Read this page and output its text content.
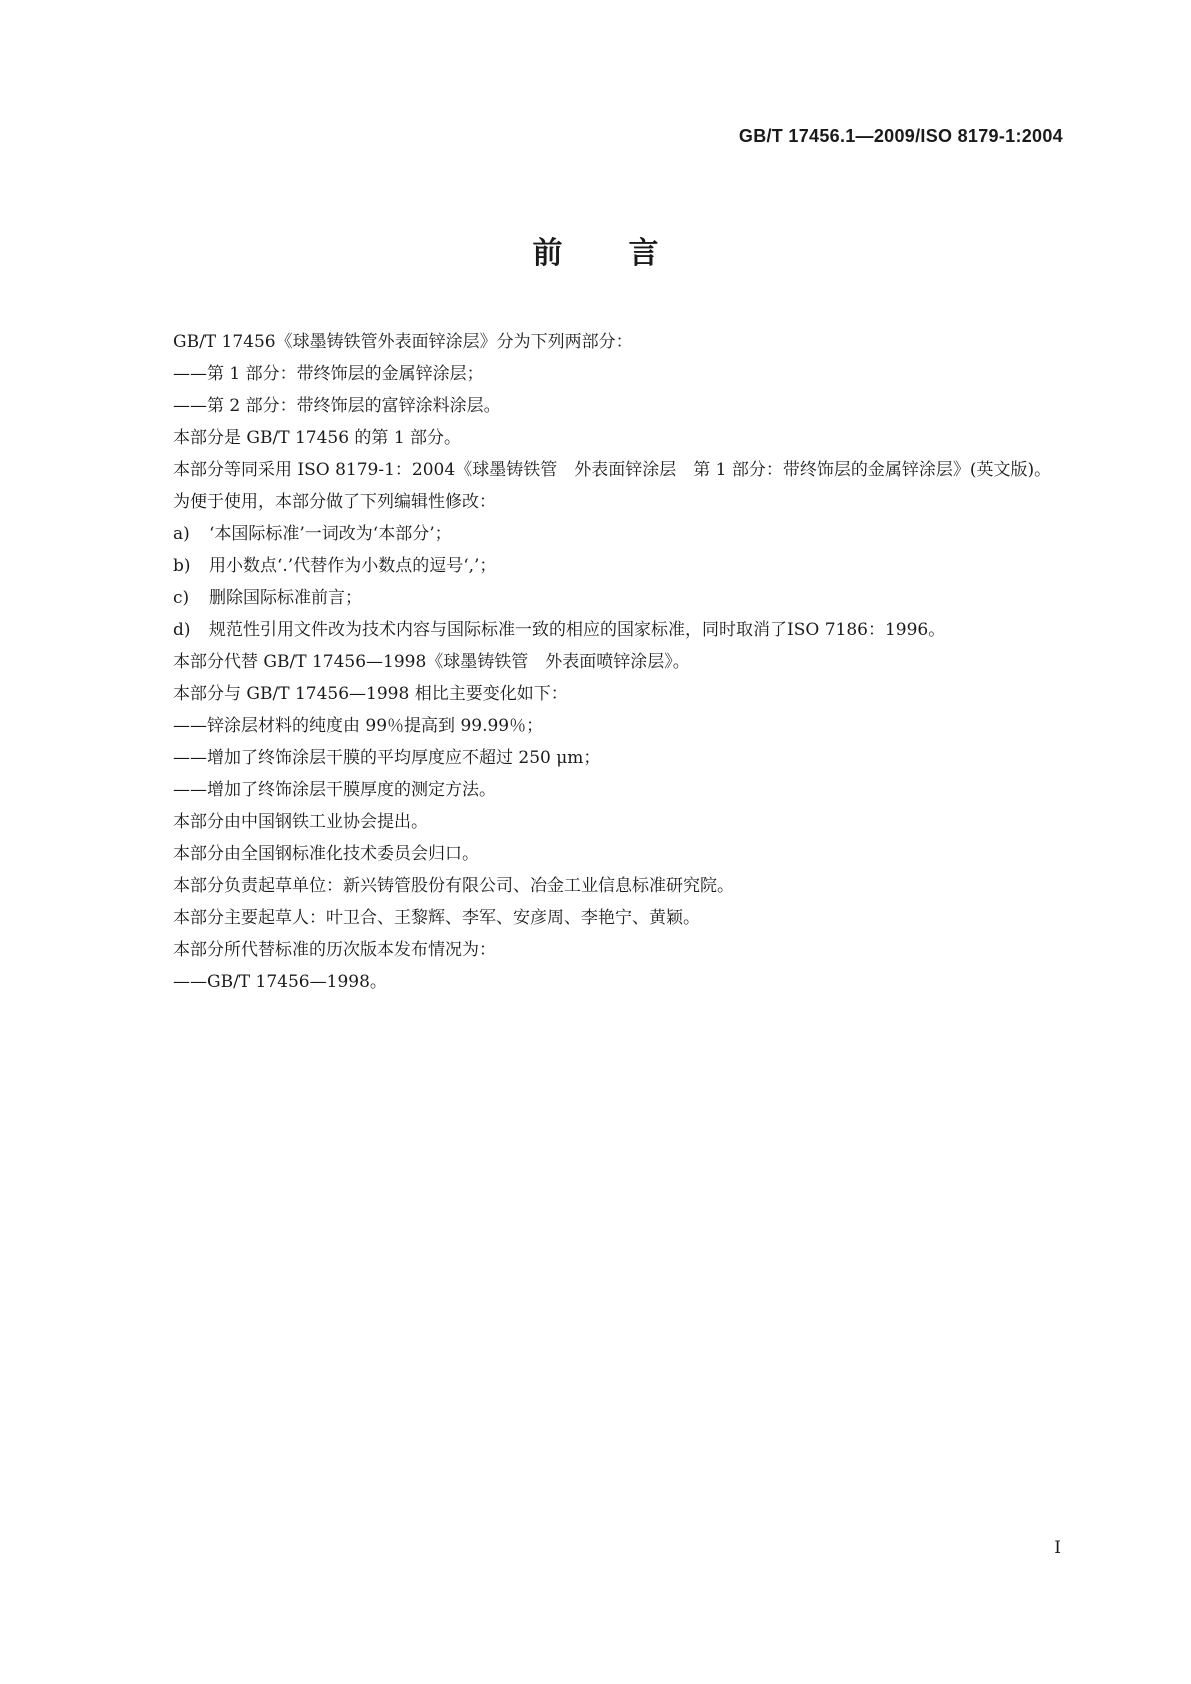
GB/T 17456.1—2009/ISO 8179-1:2004
前言

GB/T 17456《球墨铸铁管外表面锌涂层》分为下列两部分：

——第 1 部分：带终饰层的金属锌涂层；

——第 2 部分：带终饰层的富锌涂料涂层。

本部分是 GB/T 17456 的第 1 部分。

本部分等同采用 ISO 8179-1：2004《球墨铸铁管　外表面锌涂层　第 1 部分：带终饰层的金属锌涂层》(英文版)。

为便于使用，本部分做了下列编辑性修改：

a) ‘本国际标准’一词改为‘本部分’；

b) 用小数点‘.’代替作为小数点的逗号‘,’；

c) 删除国际标准前言；

d) 规范性引用文件改为技术内容与国际标准一致的相应的国家标准，同时取消了ISO 7186：1996。

本部分代替 GB/T 17456—1998《球墨铸铁管　外表面喷锌涂层》。

本部分与 GB/T 17456—1998 相比主要变化如下：

——锌涂层材料的纯度由 99％提高到 99.99％；

——增加了终饰涂层干膜的平均厚度应不超过 250 μm；

——增加了终饰涂层干膜厚度的测定方法。

本部分由中国钢铁工业协会提出。

本部分由全国钢标准化技术委员会归口。

本部分负责起草单位：新兴铸管股份有限公司、冶金工业信息标准研究院。

本部分主要起草人：叶卫合、王黎辉、李军、安彦周、李艳宁、黄颖。

本部分所代替标准的历次版本发布情况为：

——GB/T 17456—1998。

I
